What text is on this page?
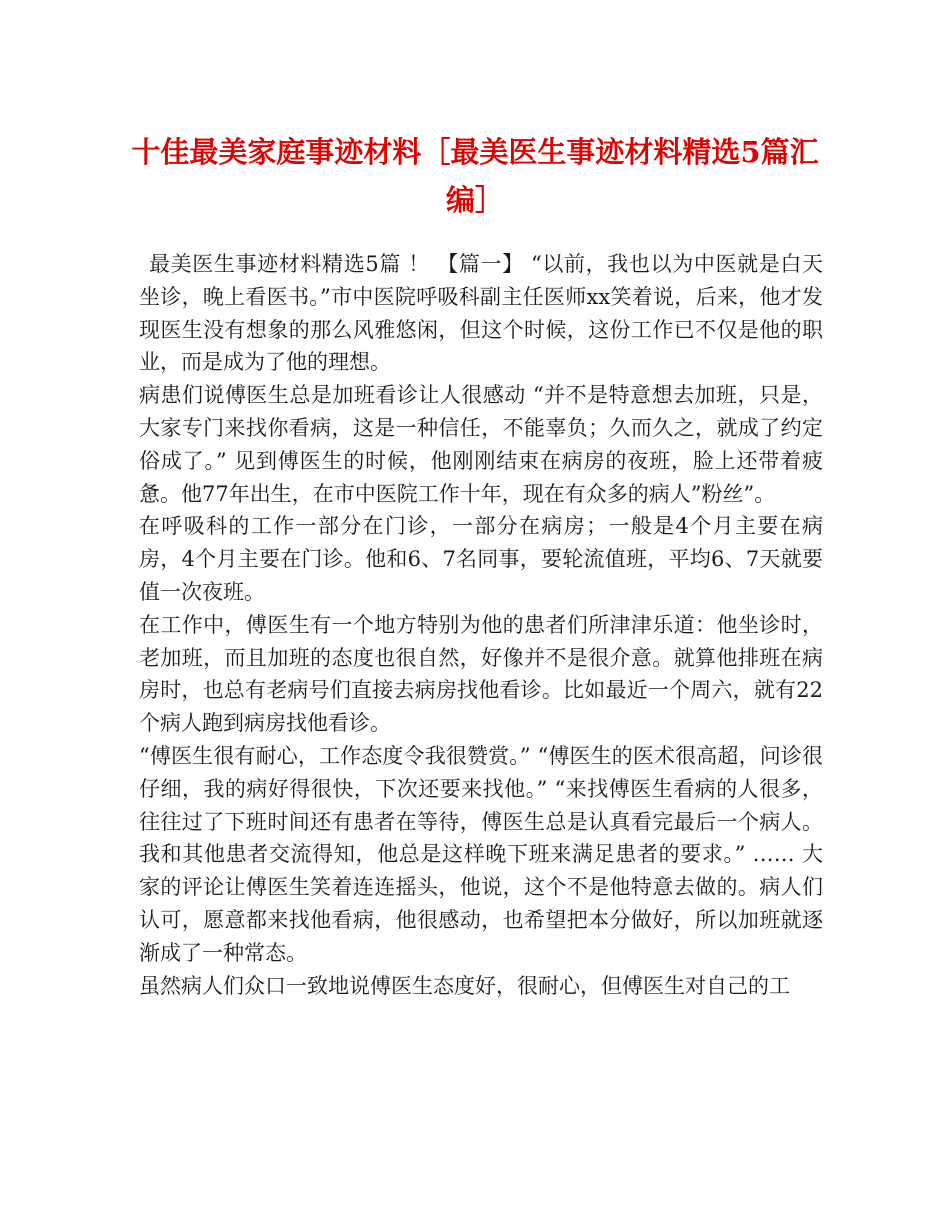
十佳最美家庭事迹材料［最美医生事迹材料精选5篇汇编］

最美医生事迹材料精选5篇 ！ 【篇一】 “以前，我也以为中医就是白天坐诊，晚上看医书。”市中医院呼吸科副主任医师xx笑着说，后来，他才发现医生没有想象的那么风雅悠闲，但这个时候，这份工作已不仅是他的职业，而是成为了他的理想。

病患们说傅医生总是加班看诊让人很感动 “并不是特意想去加班，只是，大家专门来找你看病，这是一种信任，不能辜负；久而久之，就成了约定俗成了。” 见到傅医生的时候，他刚刚结束在病房的夜班，脸上还带着疲惫。他77年出生，在市中医院工作十年，现在有众多的病人”粉丝”。

在呼吸科的工作一部分在门诊，一部分在病房；一般是4个月主要在病房，4个月主要在门诊。他和6、7名同事，要轮流值班，平均6、7天就要值一次夜班。

在工作中，傅医生有一个地方特别为他的患者们所津津乐道：他坐诊时，老加班，而且加班的态度也很自然，好像并不是很介意。就算他排班在病房时，也总有老病号们直接去病房找他看诊。比如最近一个周六，就有22个病人跑到病房找他看诊。

“傅医生很有耐心，工作态度令我很赞赏。” “傅医生的医术很高超，问诊很仔细，我的病好得很快，下次还要来找他。” “来找傅医生看病的人很多，往往过了下班时间还有患者在等待，傅医生总是认真看完最后一个病人。我和其他患者交流得知，他总是这样晚下班来满足患者的要求。” …… 大家的评论让傅医生笑着连连摇头，他说，这个不是他特意去做的。病人们认可，愿意都来找他看病，他很感动，也希望把本分做好，所以加班就逐渐成了一种常态。

虽然病人们众口一致地说傅医生态度好，很耐心，但傅医生对自己的工
